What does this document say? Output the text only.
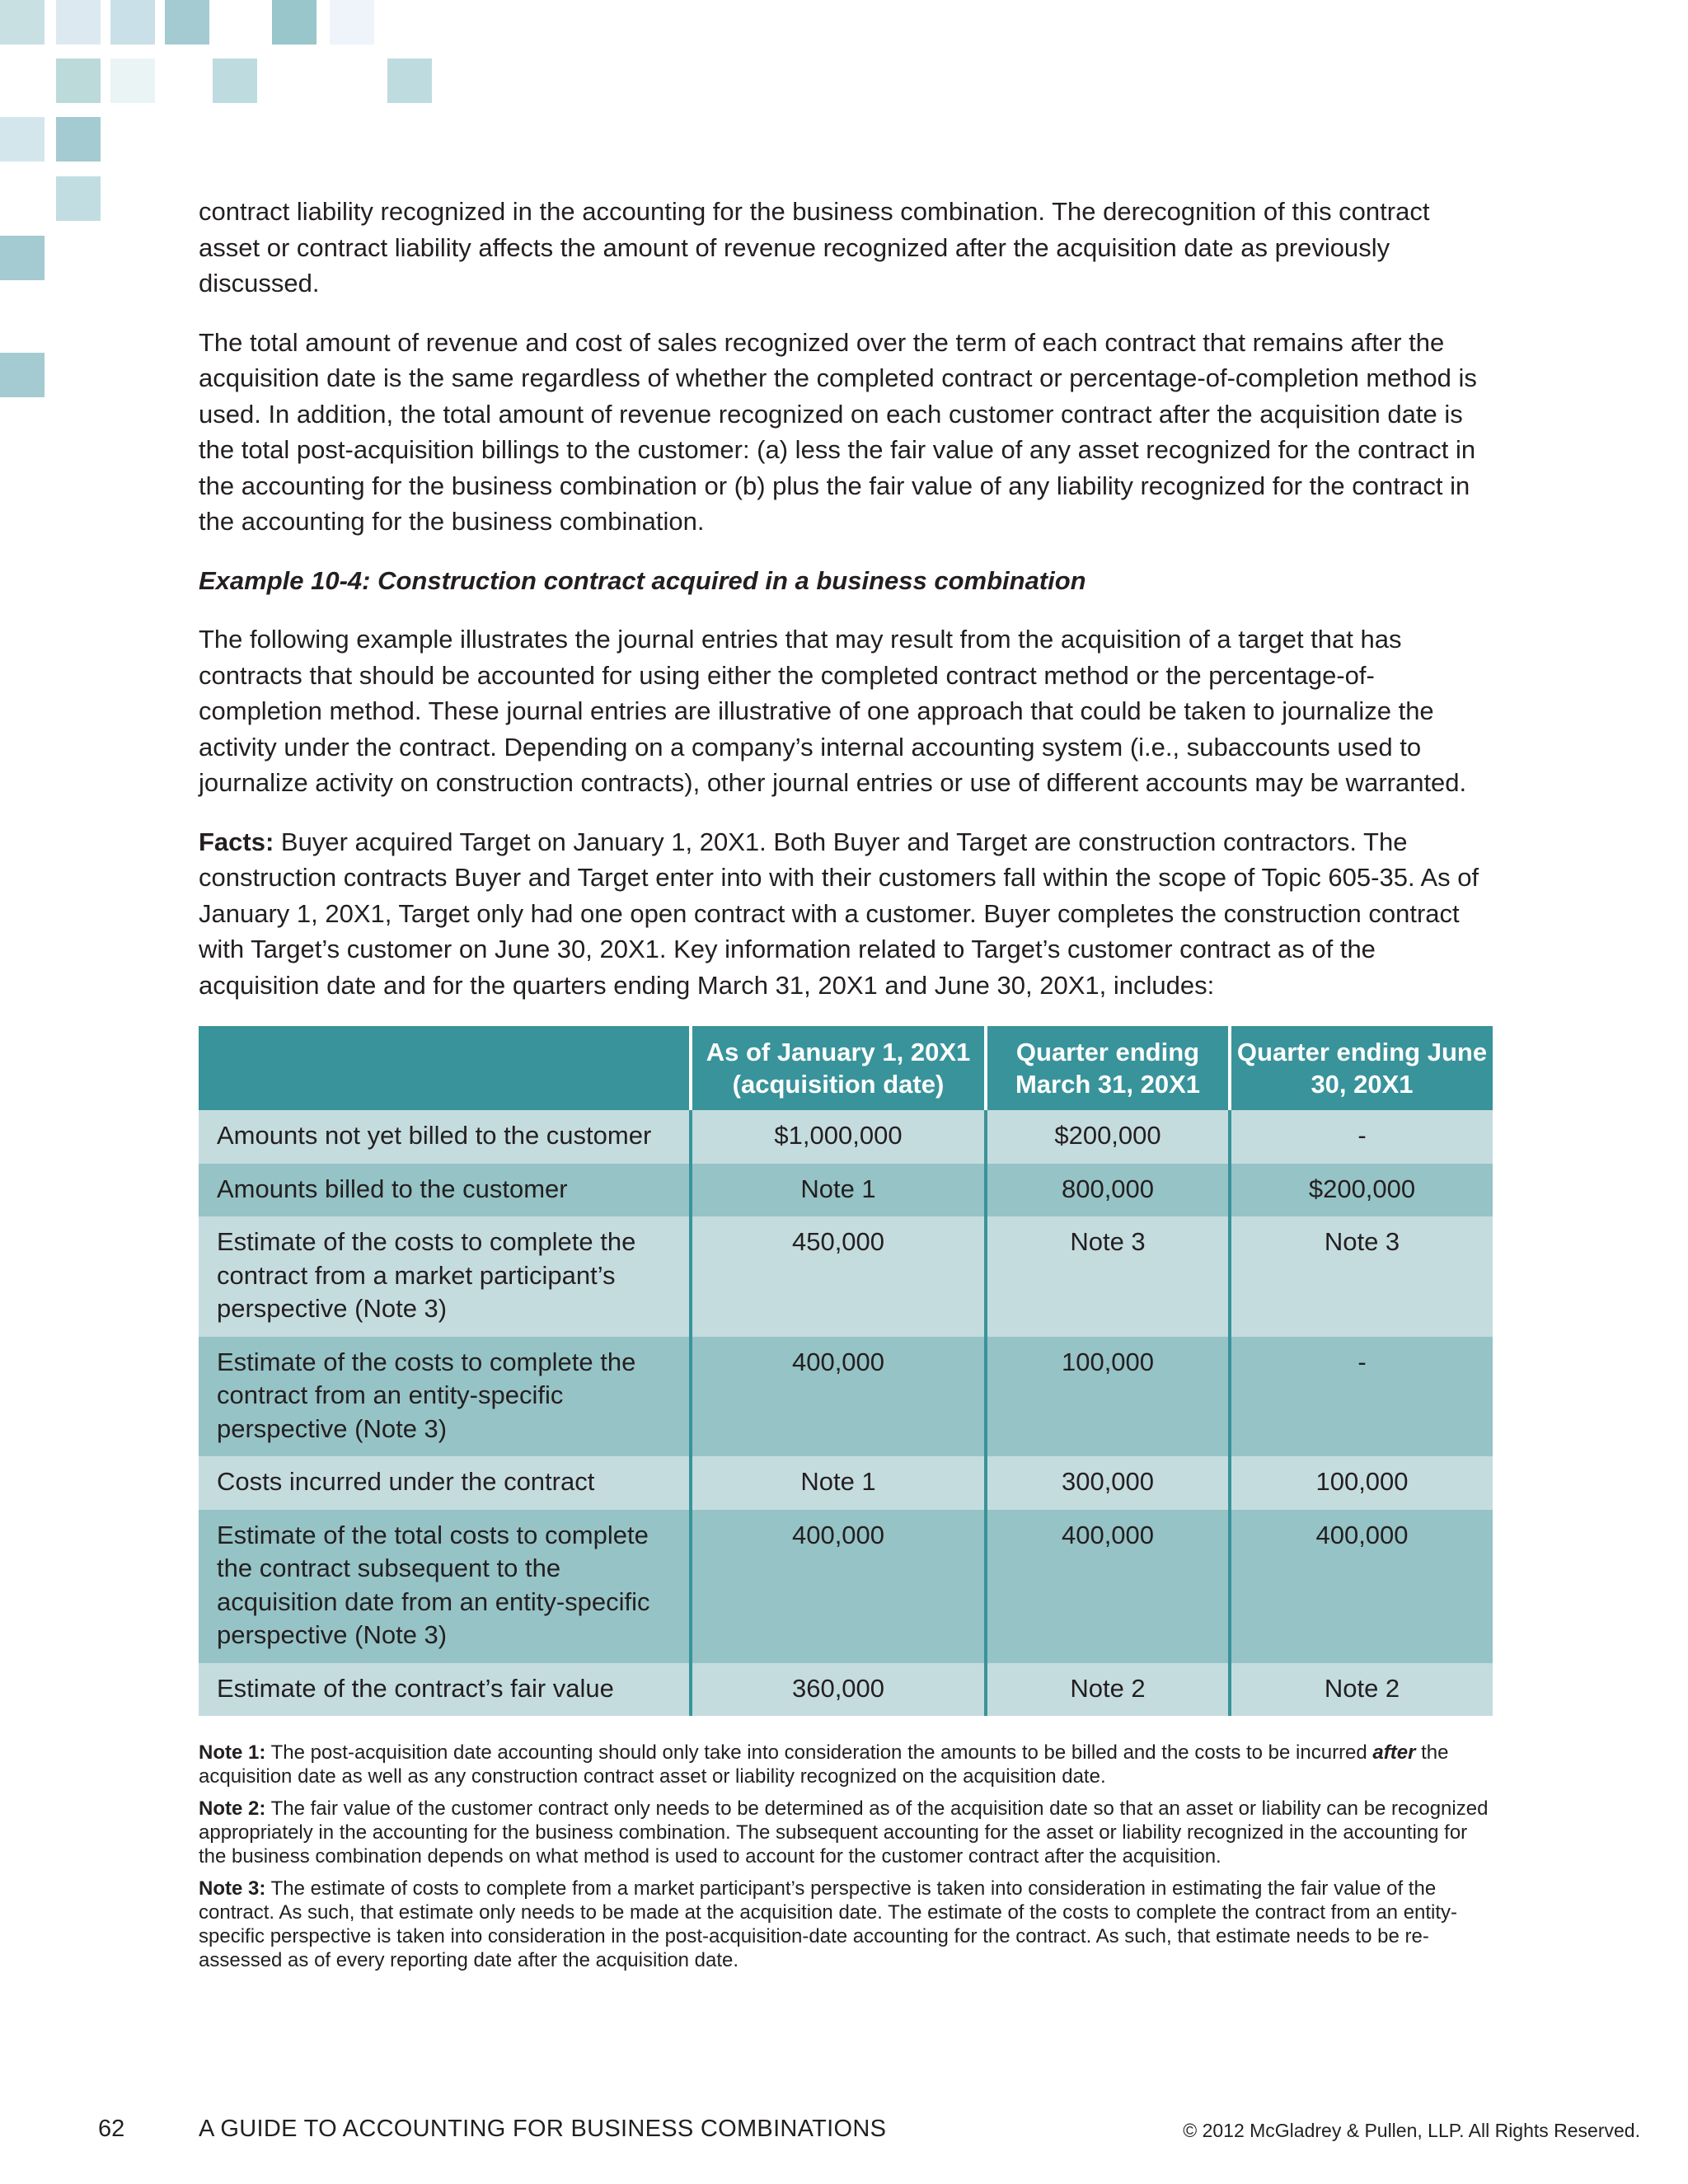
contract liability recognized in the accounting for the business combination. The derecognition of this contract asset or contract liability affects the amount of revenue recognized after the acquisition date as previously discussed.

The total amount of revenue and cost of sales recognized over the term of each contract that remains after the acquisition date is the same regardless of whether the completed contract or percentage-of-completion method is used. In addition, the total amount of revenue recognized on each customer contract after the acquisition date is the total post-acquisition billings to the customer: (a) less the fair value of any asset recognized for the contract in the accounting for the business combination or (b) plus the fair value of any liability recognized for the contract in the accounting for the business combination.

Example 10-4: Construction contract acquired in a business combination

The following example illustrates the journal entries that may result from the acquisition of a target that has contracts that should be accounted for using either the completed contract method or the percentage-of-completion method. These journal entries are illustrative of one approach that could be taken to journalize the activity under the contract. Depending on a company’s internal accounting system (i.e., subaccounts used to journalize activity on construction contracts), other journal entries or use of different accounts may be warranted.

Facts: Buyer acquired Target on January 1, 20X1. Both Buyer and Target are construction contractors. The construction contracts Buyer and Target enter into with their customers fall within the scope of Topic 605-35. As of January 1, 20X1, Target only had one open contract with a customer. Buyer completes the construction contract with Target’s customer on June 30, 20X1. Key information related to Target’s customer contract as of the acquisition date and for the quarters ending March 31, 20X1 and June 30, 20X1, includes:

	As of January 1, 20X1 (acquisition date)	Quarter ending March 31, 20X1	Quarter ending June 30, 20X1
Amounts not yet billed to the customer	$1,000,000	$200,000	-
Amounts billed to the customer	Note 1	800,000	$200,000
Estimate of the costs to complete the contract from a market participant’s perspective (Note 3)	450,000	Note 3	Note 3
Estimate of the costs to complete the contract from an entity-specific perspective (Note 3)	400,000	100,000	-
Costs incurred under the contract	Note 1	300,000	100,000
Estimate of the total costs to complete the contract subsequent to the acquisition date from an entity-specific perspective (Note 3)	400,000	400,000	400,000
Estimate of the contract’s fair value	360,000	Note 2	Note 2

Note 1: The post-acquisition date accounting should only take into consideration the amounts to be billed and the costs to be incurred after the acquisition date as well as any construction contract asset or liability recognized on the acquisition date.

Note 2: The fair value of the customer contract only needs to be determined as of the acquisition date so that an asset or liability can be recognized appropriately in the accounting for the business combination. The subsequent accounting for the asset or liability recognized in the accounting for the business combination depends on what method is used to account for the customer contract after the acquisition.

Note 3: The estimate of costs to complete from a market participant’s perspective is taken into consideration in estimating the fair value of the contract. As such, that estimate only needs to be made at the acquisition date. The estimate of the costs to complete the contract from an entity-specific perspective is taken into consideration in the post-acquisition-date accounting for the contract. As such, that estimate needs to be re-assessed as of every reporting date after the acquisition date.

62	A GUIDE TO ACCOUNTING FOR BUSINESS COMBINATIONS	© 2012 McGladrey & Pullen, LLP. All Rights Reserved.
